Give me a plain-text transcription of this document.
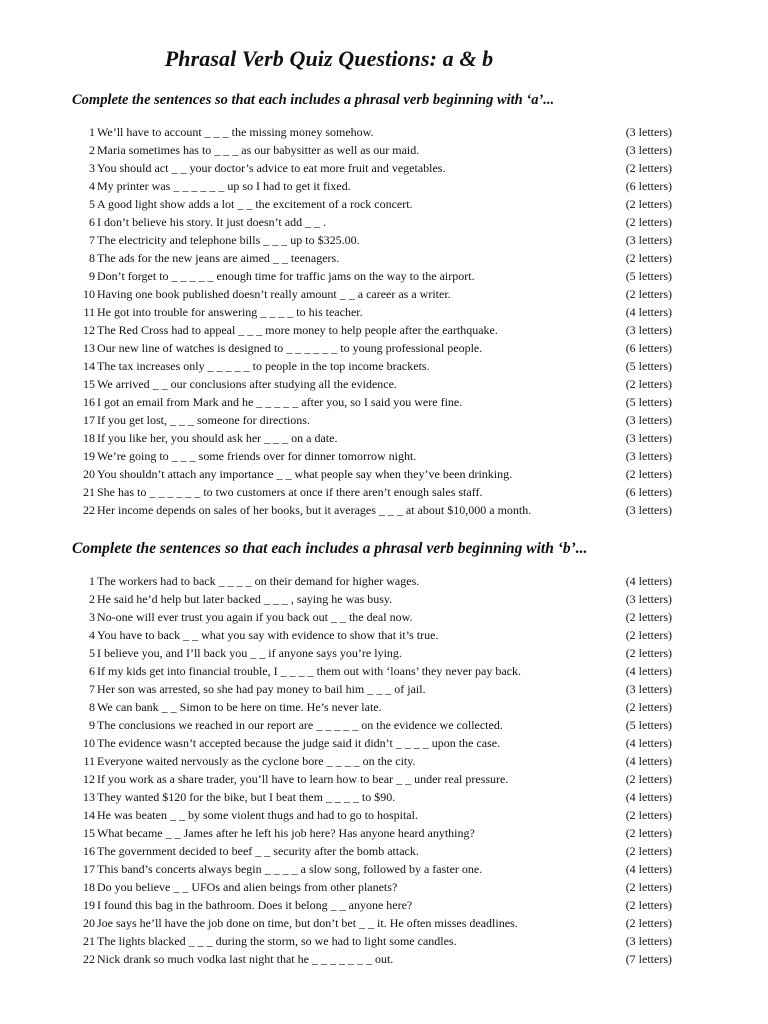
Phrasal Verb Quiz Questions: a & b

Complete the sentences so that each includes a phrasal verb beginning with ‘a’...

1 We’ll have to account _ _ _ the missing money somehow.	(3 letters)
2 Maria sometimes has to _ _ _ as our babysitter as well as our maid.	(3 letters)
3 You should act _ _ your doctor’s advice to eat more fruit and vegetables.	(2 letters)
4 My printer was _ _ _ _ _ _ up so I had to get it fixed.	(6 letters)
5 A good light show adds a lot _ _ the excitement of a rock concert.	(2 letters)
6 I don’t believe his story. It just doesn’t add _ _ .	(2 letters)
7 The electricity and telephone bills _ _ _ up to $325.00.	(3 letters)
8 The ads for the new jeans are aimed _ _ teenagers.	(2 letters)
9 Don’t forget to _ _ _ _ _ enough time for traffic jams on the way to the airport.	(5 letters)
10 Having one book published doesn’t really amount _ _ a career as a writer.	(2 letters)
11 He got into trouble for answering _ _ _ _ to his teacher.	(4 letters)
12 The Red Cross had to appeal _ _ _ more money to help people after the earthquake.	(3 letters)
13 Our new line of watches is designed to _ _ _ _ _ _ to young professional people.	(6 letters)
14 The tax increases only _ _ _ _ _ to people in the top income brackets.	(5 letters)
15 We arrived _ _ our conclusions after studying all the evidence.	(2 letters)
16 I got an email from Mark and he _ _ _ _ _ after you, so I said you were fine.	(5 letters)
17 If you get lost, _ _ _ someone for directions.	(3 letters)
18 If you like her, you should ask her _ _ _ on a date.	(3 letters)
19 We’re going to _ _ _ some friends over for dinner tomorrow night.	(3 letters)
20 You shouldn’t attach any importance _ _ what people say when they’ve been drinking.	(2 letters)
21 She has to _ _ _ _ _ _ to two customers at once if there aren’t enough sales staff.	(6 letters)
22 Her income depends on sales of her books, but it averages _ _ _ at about $10,000 a month.	(3 letters)

Complete the sentences so that each includes a phrasal verb beginning with ‘b’...

1 The workers had to back _ _ _ _ on their demand for higher wages.	(4 letters)
2 He said he’d help but later backed _ _ _ , saying he was busy.	(3 letters)
3 No-one will ever trust you again if you back out _ _ the deal now.	(2 letters)
4 You have to back _ _ what you say with evidence to show that it’s true.	(2 letters)
5 I believe you, and I’ll back you _ _ if anyone says you’re lying.	(2 letters)
6 If my kids get into financial trouble, I _ _ _ _ them out with ‘loans’ they never pay back.	(4 letters)
7 Her son was arrested, so she had pay money to bail him _ _ _ of jail.	(3 letters)
8 We can bank _ _ Simon to be here on time. He’s never late.	(2 letters)
9 The conclusions we reached in our report are _ _ _ _ _ on the evidence we collected.	(5 letters)
10 The evidence wasn’t accepted because the judge said it didn’t _ _ _ _ upon the case.	(4 letters)
11 Everyone waited nervously as the cyclone bore _ _ _ _ on the city.	(4 letters)
12 If you work as a share trader, you’ll have to learn how to bear _ _ under real pressure.	(2 letters)
13 They wanted $120 for the bike, but I beat them _ _ _ _ to $90.	(4 letters)
14 He was beaten _ _ by some violent thugs and had to go to hospital.	(2 letters)
15 What became _ _ James after he left his job here? Has anyone heard anything?	(2 letters)
16 The government decided to beef _ _ security after the bomb attack.	(2 letters)
17 This band’s concerts always begin _ _ _ _ a slow song, followed by a faster one.	(4 letters)
18 Do you believe _ _ UFOs and alien beings from other planets?	(2 letters)
19 I found this bag in the bathroom. Does it belong _ _ anyone here?	(2 letters)
20 Joe says he’ll have the job done on time, but don’t bet _ _ it. He often misses deadlines.	(2 letters)
21 The lights blacked _ _ _ during the storm, so we had to light some candles.	(3 letters)
22 Nick drank so much vodka last night that he _ _ _ _ _ _ _ out.	(7 letters)
